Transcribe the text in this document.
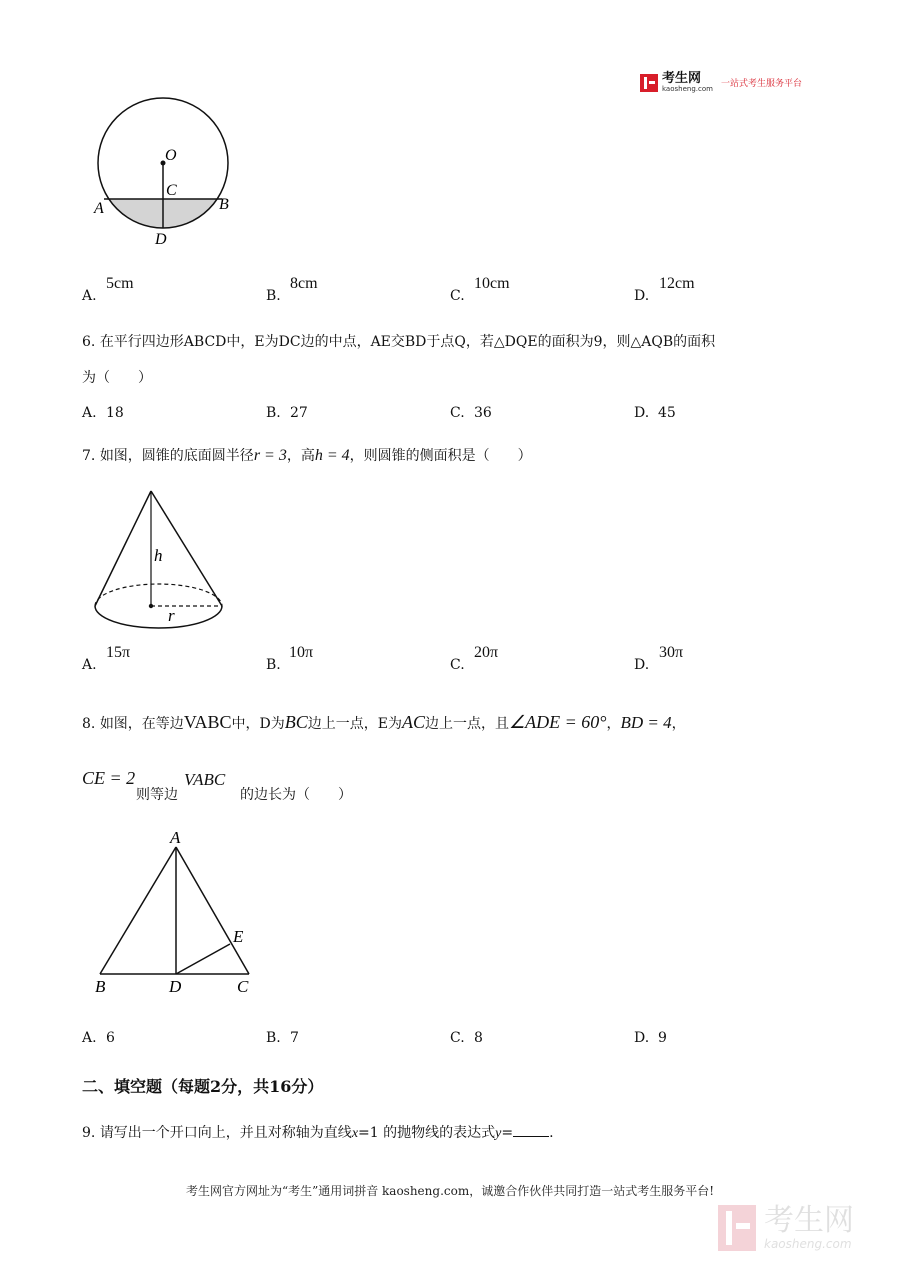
考生网
kaosheng.com 一站式考生服务平台
O
C
A	B
D
A.
5cm
B.
8cm
C.
10cm
D.
12cm
6. 在平行四边形ABCD中，E为DC边的中点，AE交BD于点Q，若△DQE的面积为9，则△AQB的面积
为（　　）
A. 18	B. 27	C. 36	D. 45
7. 如图，圆锥的底面圆半径r = 3，高h = 4，则圆锥的侧面积是（　　）
h
r
A.
15π
B.
10π
C.
20π
D.
30π
8. 如图，在等边VABC中，D为BC边上一点，E为AC边上一点，且∠ADE = 60°，BD = 4，
CE = 2
则等边
VABC
的边长为（　　）
A
E
B	D	C
A. 6	B. 7	C. 8	D. 9
二、填空题（每题2分，共16分）
9. 请写出一个开口向上，并且对称轴为直线x=1 的抛物线的表达式y=	.
考生网官方网址为“考生”通用词拼音 kaosheng.com，诚邀合作伙伴共同打造一站式考生服务平台!
考生网
kaosheng.com
